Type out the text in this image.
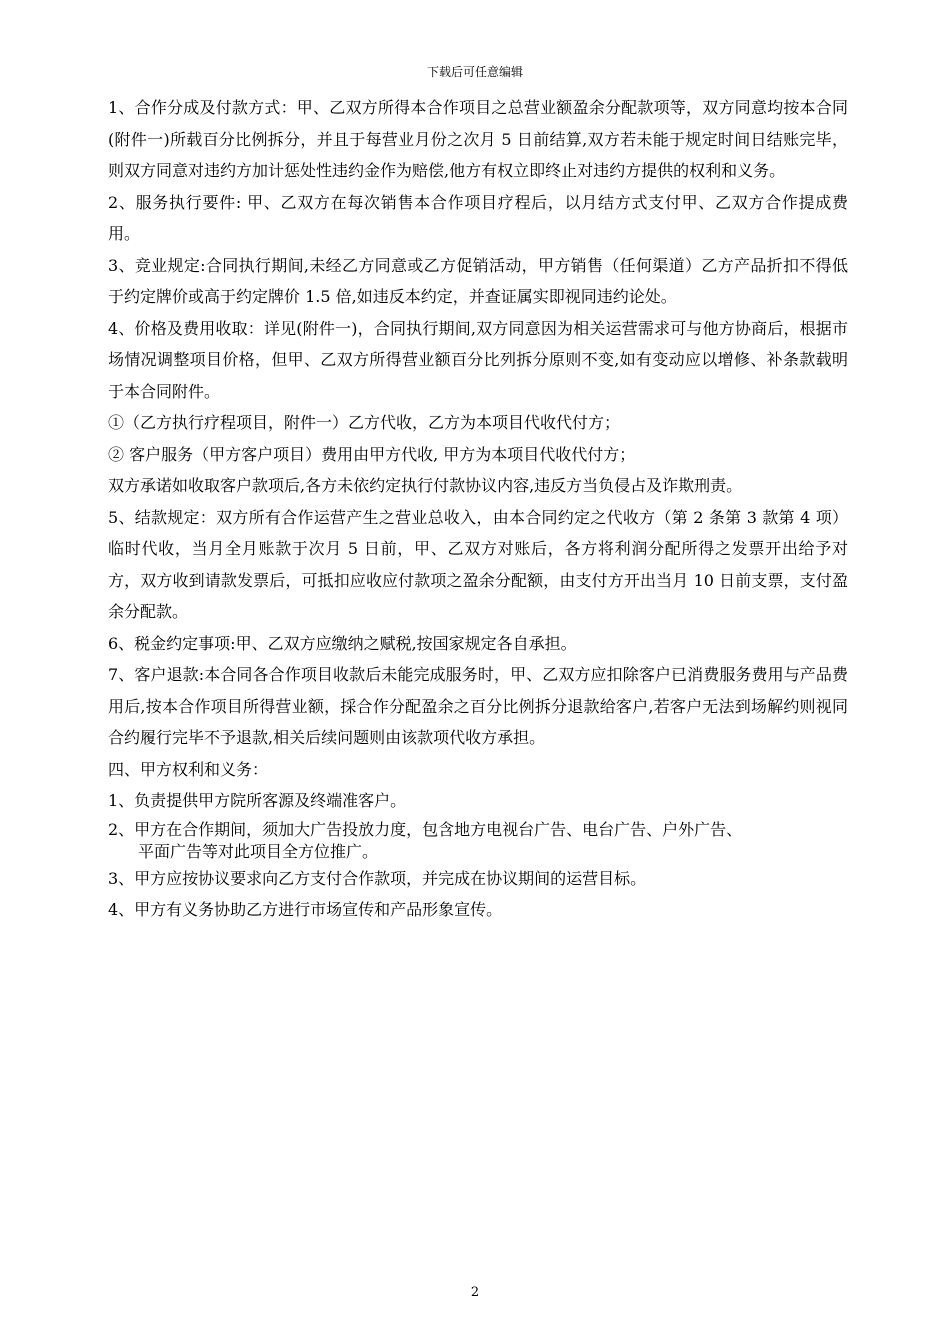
下载后可任意编辑

1、合作分成及付款方式：甲、乙双方所得本合作项目之总营业额盈余分配款项等，双方同意均按本合同(附件一)所载百分比例拆分，并且于每营业月份之次月 5 日前结算,双方若未能于规定时间日结账完毕，则双方同意对违约方加计惩处性违约金作为赔偿,他方有权立即终止对违约方提供的权利和义务。

2、服务执行要件: 甲、乙双方在每次销售本合作项目疗程后，以月结方式支付甲、乙双方合作提成费用。

3、竞业规定:合同执行期间,未经乙方同意或乙方促销活动，甲方销售（任何渠道）乙方产品折扣不得低于约定牌价或高于约定牌价 1.5 倍,如违反本约定，并查证属实即视同违约论处。

4、价格及费用收取：详见(附件一)，合同执行期间,双方同意因为相关运营需求可与他方协商后，根据市场情况调整项目价格，但甲、乙双方所得营业额百分比列拆分原则不变,如有变动应以增修、补条款载明于本合同附件。

①（乙方执行疗程项目，附件一）乙方代收，乙方为本项目代收代付方；

② 客户服务（甲方客户项目）费用由甲方代收, 甲方为本项目代收代付方；

双方承诺如收取客户款项后,各方未依约定执行付款协议内容,违反方当负侵占及诈欺刑责。

5、结款规定：双方所有合作运营产生之营业总收入，由本合同约定之代收方（第 2 条第 3 款第 4 项）临时代收，当月全月账款于次月 5 日前，甲、乙双方对账后，各方将利润分配所得之发票开出给予对方，双方收到请款发票后，可抵扣应收应付款项之盈余分配额，由支付方开出当月 10 日前支票，支付盈余分配款。

6、税金约定事项:甲、乙双方应缴纳之赋税,按国家规定各自承担。

7、客户退款:本合同各合作项目收款后未能完成服务时，甲、乙双方应扣除客户已消费服务费用与产品费用后,按本合作项目所得营业额，採合作分配盈余之百分比例拆分退款给客户,若客户无法到场解约则视同合约履行完毕不予退款,相关后续问题则由该款项代收方承担。

四、甲方权利和义务：

1、负责提供甲方院所客源及终端准客户。

2、甲方在合作期间，须加大广告投放力度，包含地方电视台广告、电台广告、户外广告、

平面广告等对此项目全方位推广。

3、甲方应按协议要求向乙方支付合作款项，并完成在协议期间的运营目标。

4、甲方有义务协助乙方进行市场宣传和产品形象宣传。

2
